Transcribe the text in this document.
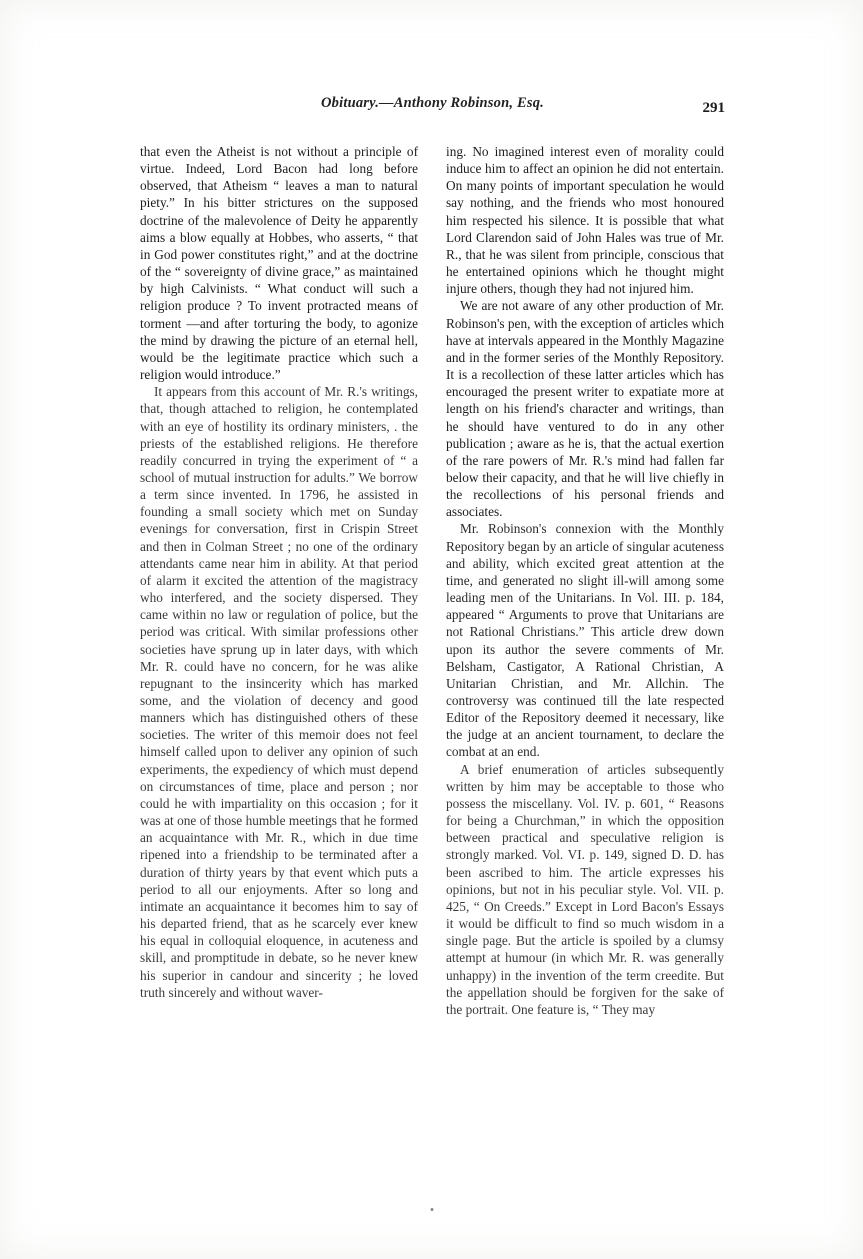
Obituary.—Anthony Robinson, Esq.	291

that even the Atheist is not without a principle of virtue. Indeed, Lord Bacon had long before observed, that Atheism “ leaves a man to natural piety.” In his bitter strictures on the supposed doctrine of the malevolence of Deity he apparently aims a blow equally at Hobbes, who asserts, “ that in God power constitutes right,” and at the doctrine of the “ sovereignty of divine grace,” as maintained by high Calvinists. “ What conduct will such a religion produce ? To invent protracted means of torment —and after torturing the body, to agonize the mind by drawing the picture of an eternal hell, would be the legitimate practice which such a religion would introduce.”

It appears from this account of Mr. R.'s writings, that, though attached to religion, he contemplated with an eye of hostility its ordinary ministers, . the priests of the established religions. He therefore readily concurred in trying the experiment of “ a school of mutual instruction for adults.” We borrow a term since invented. In 1796, he assisted in founding a small society which met on Sunday evenings for conversation, first in Crispin Street and then in Colman Street ; no one of the ordinary attendants came near him in ability. At that period of alarm it excited the attention of the magistracy who interfered, and the society dispersed. They came within no law or regulation of police, but the period was critical. With similar professions other societies have sprung up in later days, with which Mr. R. could have no concern, for he was alike repugnant to the insincerity which has marked some, and the violation of decency and good manners which has distinguished others of these societies. The writer of this memoir does not feel himself called upon to deliver any opinion of such experiments, the expediency of which must depend on circumstances of time, place and person ; nor could he with impartiality on this occasion ; for it was at one of those humble meetings that he formed an acquaintance with Mr. R., which in due time ripened into a friendship to be terminated after a duration of thirty years by that event which puts a period to all our enjoyments. After so long and intimate an acquaintance it becomes him to say of his departed friend, that as he scarcely ever knew his equal in colloquial eloquence, in acuteness and skill, and promptitude in debate, so he never knew his superior in candour and sincerity ; he loved truth sincerely and without waver-

ing. No imagined interest even of morality could induce him to affect an opinion he did not entertain. On many points of important speculation he would say nothing, and the friends who most honoured him respected his silence. It is possible that what Lord Clarendon said of John Hales was true of Mr. R., that he was silent from principle, conscious that he entertained opinions which he thought might injure others, though they had not injured him.

We are not aware of any other production of Mr. Robinson's pen, with the exception of articles which have at intervals appeared in the Monthly Magazine and in the former series of the Monthly Repository. It is a recollection of these latter articles which has encouraged the present writer to expatiate more at length on his friend's character and writings, than he should have ventured to do in any other publication ; aware as he is, that the actual exertion of the rare powers of Mr. R.'s mind had fallen far below their capacity, and that he will live chiefly in the recollections of his personal friends and associates.

Mr. Robinson's connexion with the Monthly Repository began by an article of singular acuteness and ability, which excited great attention at the time, and generated no slight ill-will among some leading men of the Unitarians. In Vol. III. p. 184, appeared “ Arguments to prove that Unitarians are not Rational Christians.” This article drew down upon its author the severe comments of Mr. Belsham, Castigator, A Rational Christian, A Unitarian Christian, and Mr. Allchin. The controversy was continued till the late respected Editor of the Repository deemed it necessary, like the judge at an ancient tournament, to declare the combat at an end.

A brief enumeration of articles subsequently written by him may be acceptable to those who possess the miscellany. Vol. IV. p. 601, “ Reasons for being a Churchman,” in which the opposition between practical and speculative religion is strongly marked. Vol. VI. p. 149, signed D. D. has been ascribed to him. The article expresses his opinions, but not in his peculiar style. Vol. VII. p. 425, “ On Creeds.” Except in Lord Bacon's Essays it would be difficult to find so much wisdom in a single page. But the article is spoiled by a clumsy attempt at humour (in which Mr. R. was generally unhappy) in the invention of the term creedite. But the appellation should be forgiven for the sake of the portrait. One feature is, “ They may
